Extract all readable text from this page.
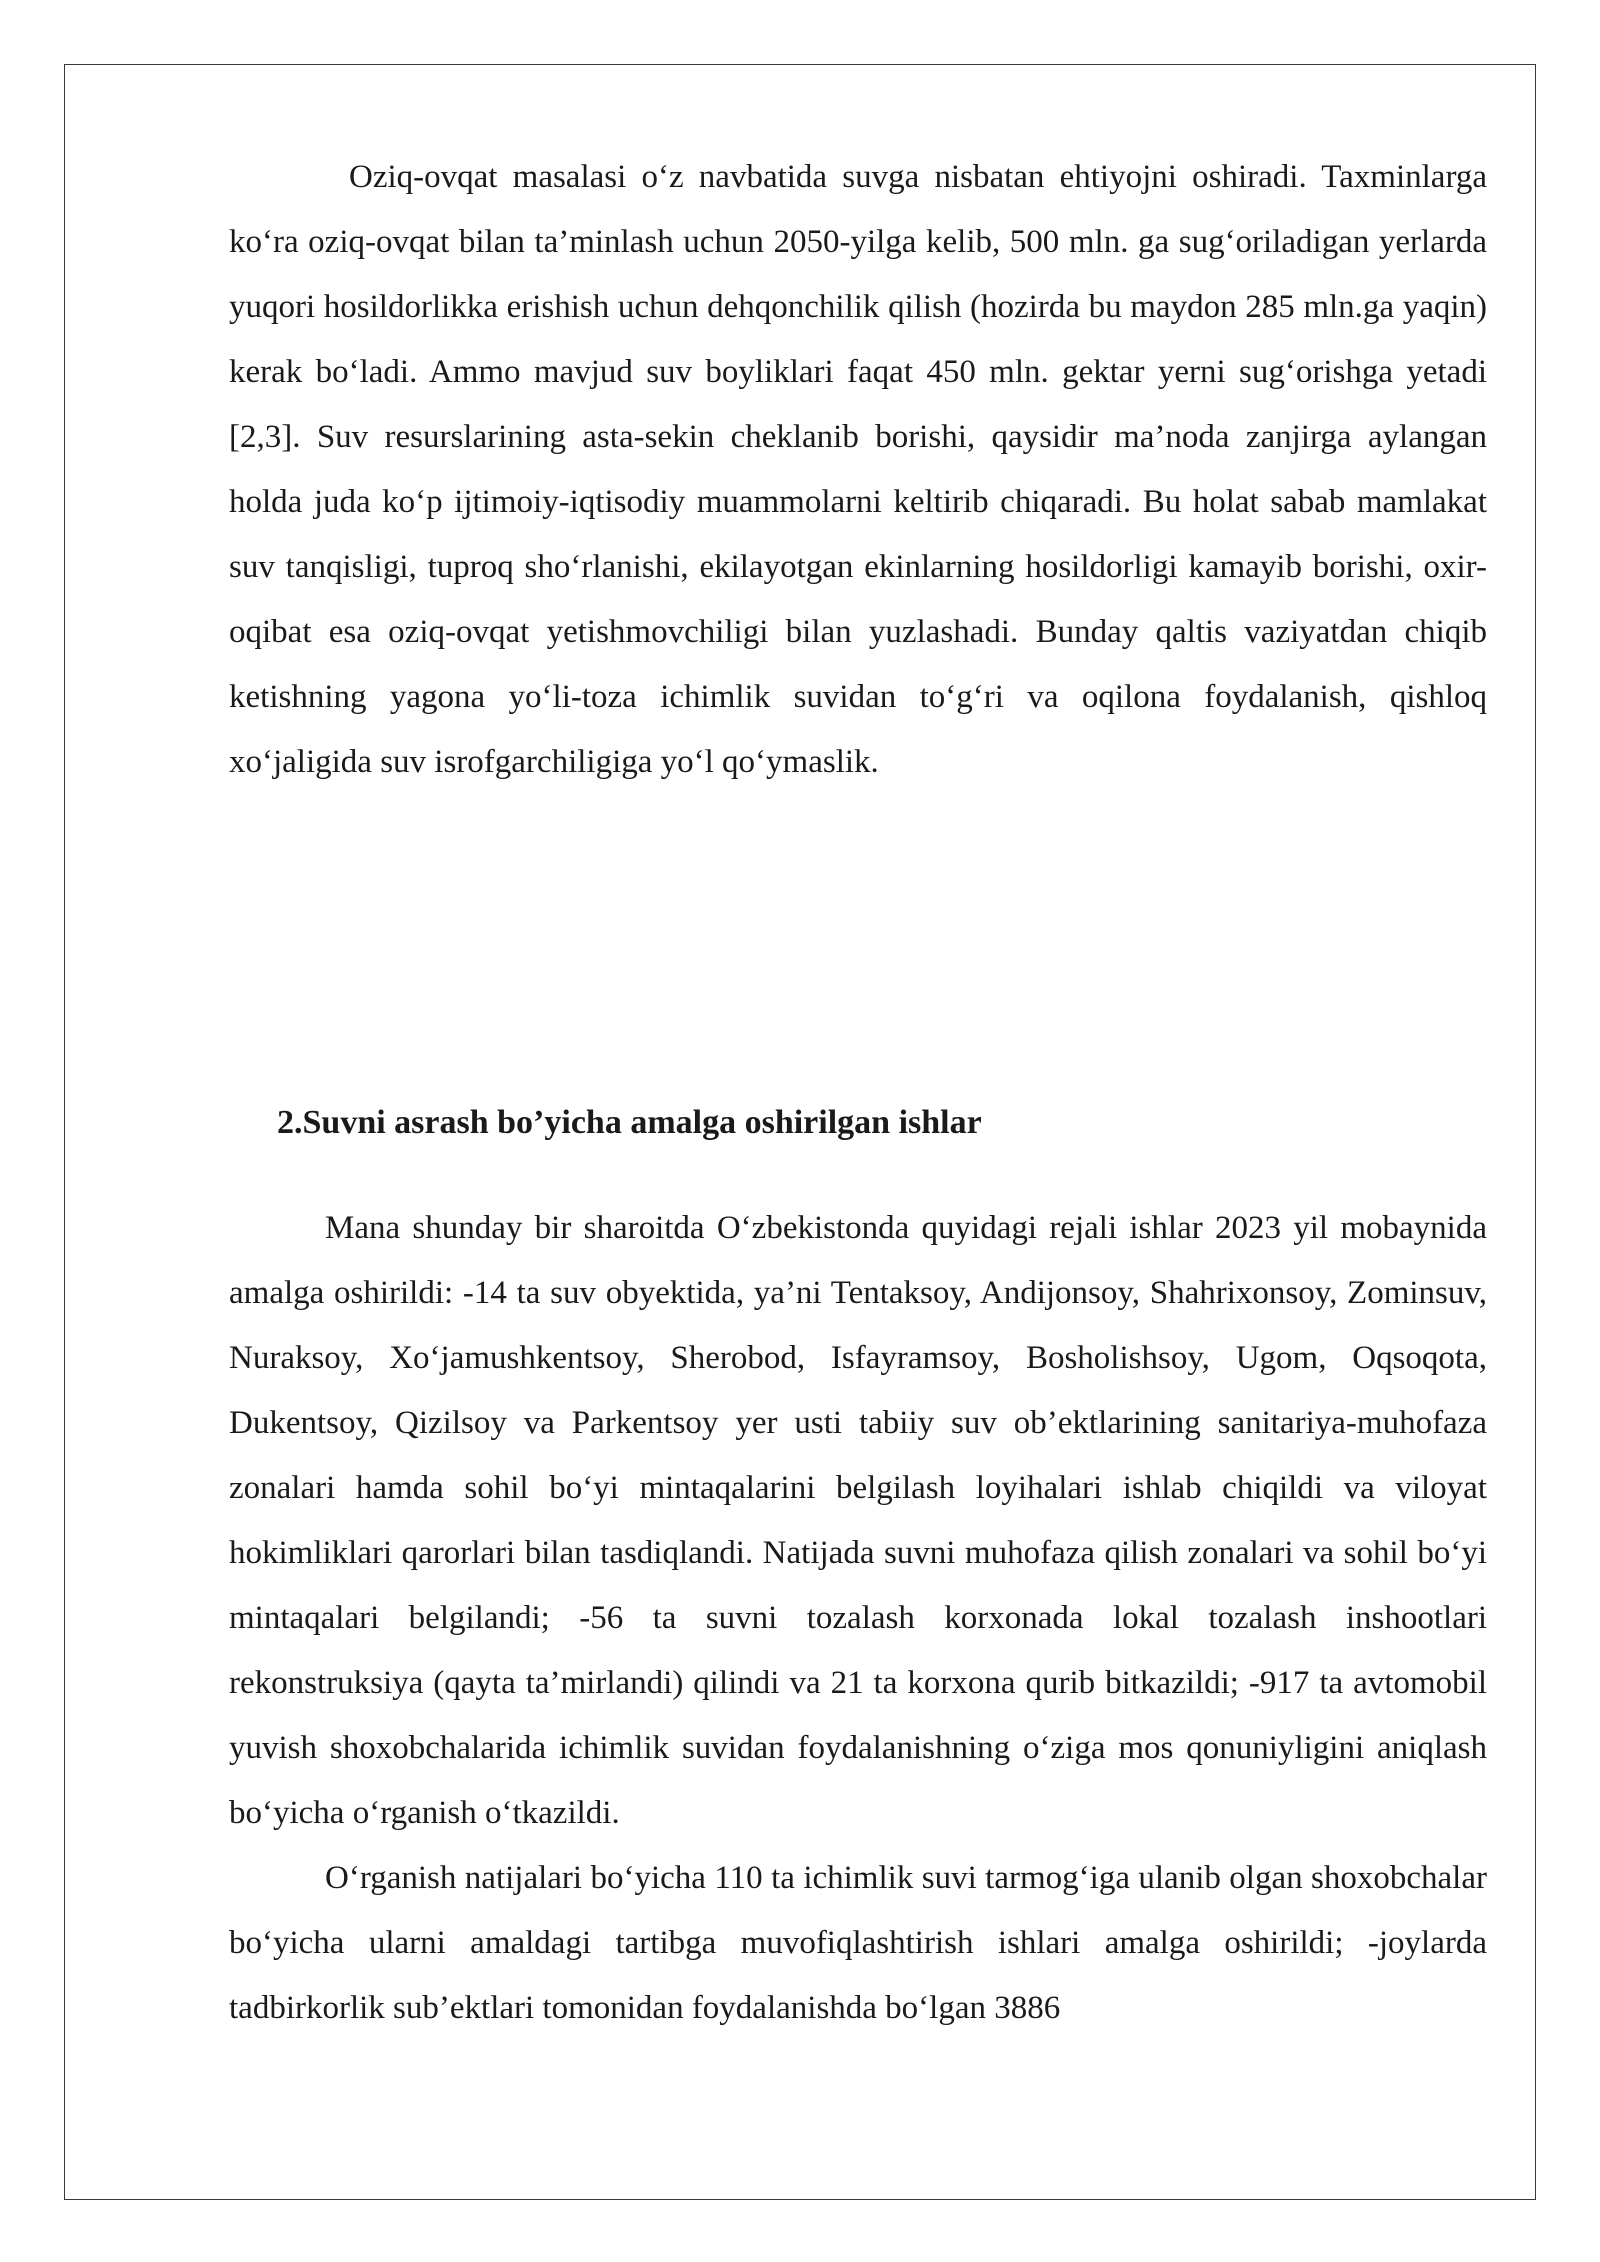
Oziq-ovqat masalasi o‘z navbatida suvga nisbatan ehtiyojni oshiradi. Taxminlarga ko‘ra oziq-ovqat bilan ta’minlash uchun 2050-yilga kelib, 500 mln. ga sug‘oriladigan yerlarda yuqori hosildorlikka erishish uchun dehqonchilik qilish (hozirda bu maydon 285 mln.ga yaqin) kerak bo‘ladi. Ammo mavjud suv boyliklari faqat 450 mln. gektar yerni sug‘orishga yetadi [2,3]. Suv resurslarining asta-sekin cheklanib borishi, qaysidir ma’noda zanjirga aylangan holda juda ko‘p ijtimoiy-iqtisodiy muammolarni keltirib chiqaradi. Bu holat sabab mamlakat suv tanqisligi, tuproq sho‘rlanishi, ekilayotgan ekinlarning hosildorligi kamayib borishi, oxir-oqibat esa oziq-ovqat yetishmovchiligi bilan yuzlashadi. Bunday qaltis vaziyatdan chiqib ketishning yagona yo‘li-toza ichimlik suvidan to‘g‘ri va oqilona foydalanish, qishloq xo‘jaligida suv isrofgarchiligiga yo‘l qo‘ymaslik.

2.Suvni asrash bo’yicha amalga oshirilgan ishlar

Mana shunday bir sharoitda O‘zbekistonda quyidagi rejali ishlar 2023 yil mobaynida amalga oshirildi: -14 ta suv obyektida, ya’ni Tentaksoy, Andijonsoy, Shahrixonsoy, Zominsuv, Nuraksoy, Xo‘jamushkentsoy, Sherobod, Isfayramsoy, Bosholishsoy, Ugom, Oqsoqota, Dukentsoy, Qizilsoy va Parkentsoy yer usti tabiiy suv ob’ektlarining sanitariya-muhofaza zonalari hamda sohil bo‘yi mintaqalarini belgilash loyihalari ishlab chiqildi va viloyat hokimliklari qarorlari bilan tasdiqlandi. Natijada suvni muhofaza qilish zonalari va sohil bo‘yi mintaqalari belgilandi; -56 ta suvni tozalash korxonada lokal tozalash inshootlari rekonstruksiya (qayta ta’mirlandi) qilindi va 21 ta korxona qurib bitkazildi; -917 ta avtomobil yuvish shoxobchalarida ichimlik suvidan foydalanishning o‘ziga mos qonuniyligini aniqlash bo‘yicha o‘rganish o‘tkazildi.

O‘rganish natijalari bo‘yicha 110 ta ichimlik suvi tarmog‘iga ulanib olgan shoxobchalar bo‘yicha ularni amaldagi tartibga muvofiqlashtirish ishlari amalga oshirildi; -joylarda tadbirkorlik sub’ektlari tomonidan foydalanishda bo‘lgan 3886
